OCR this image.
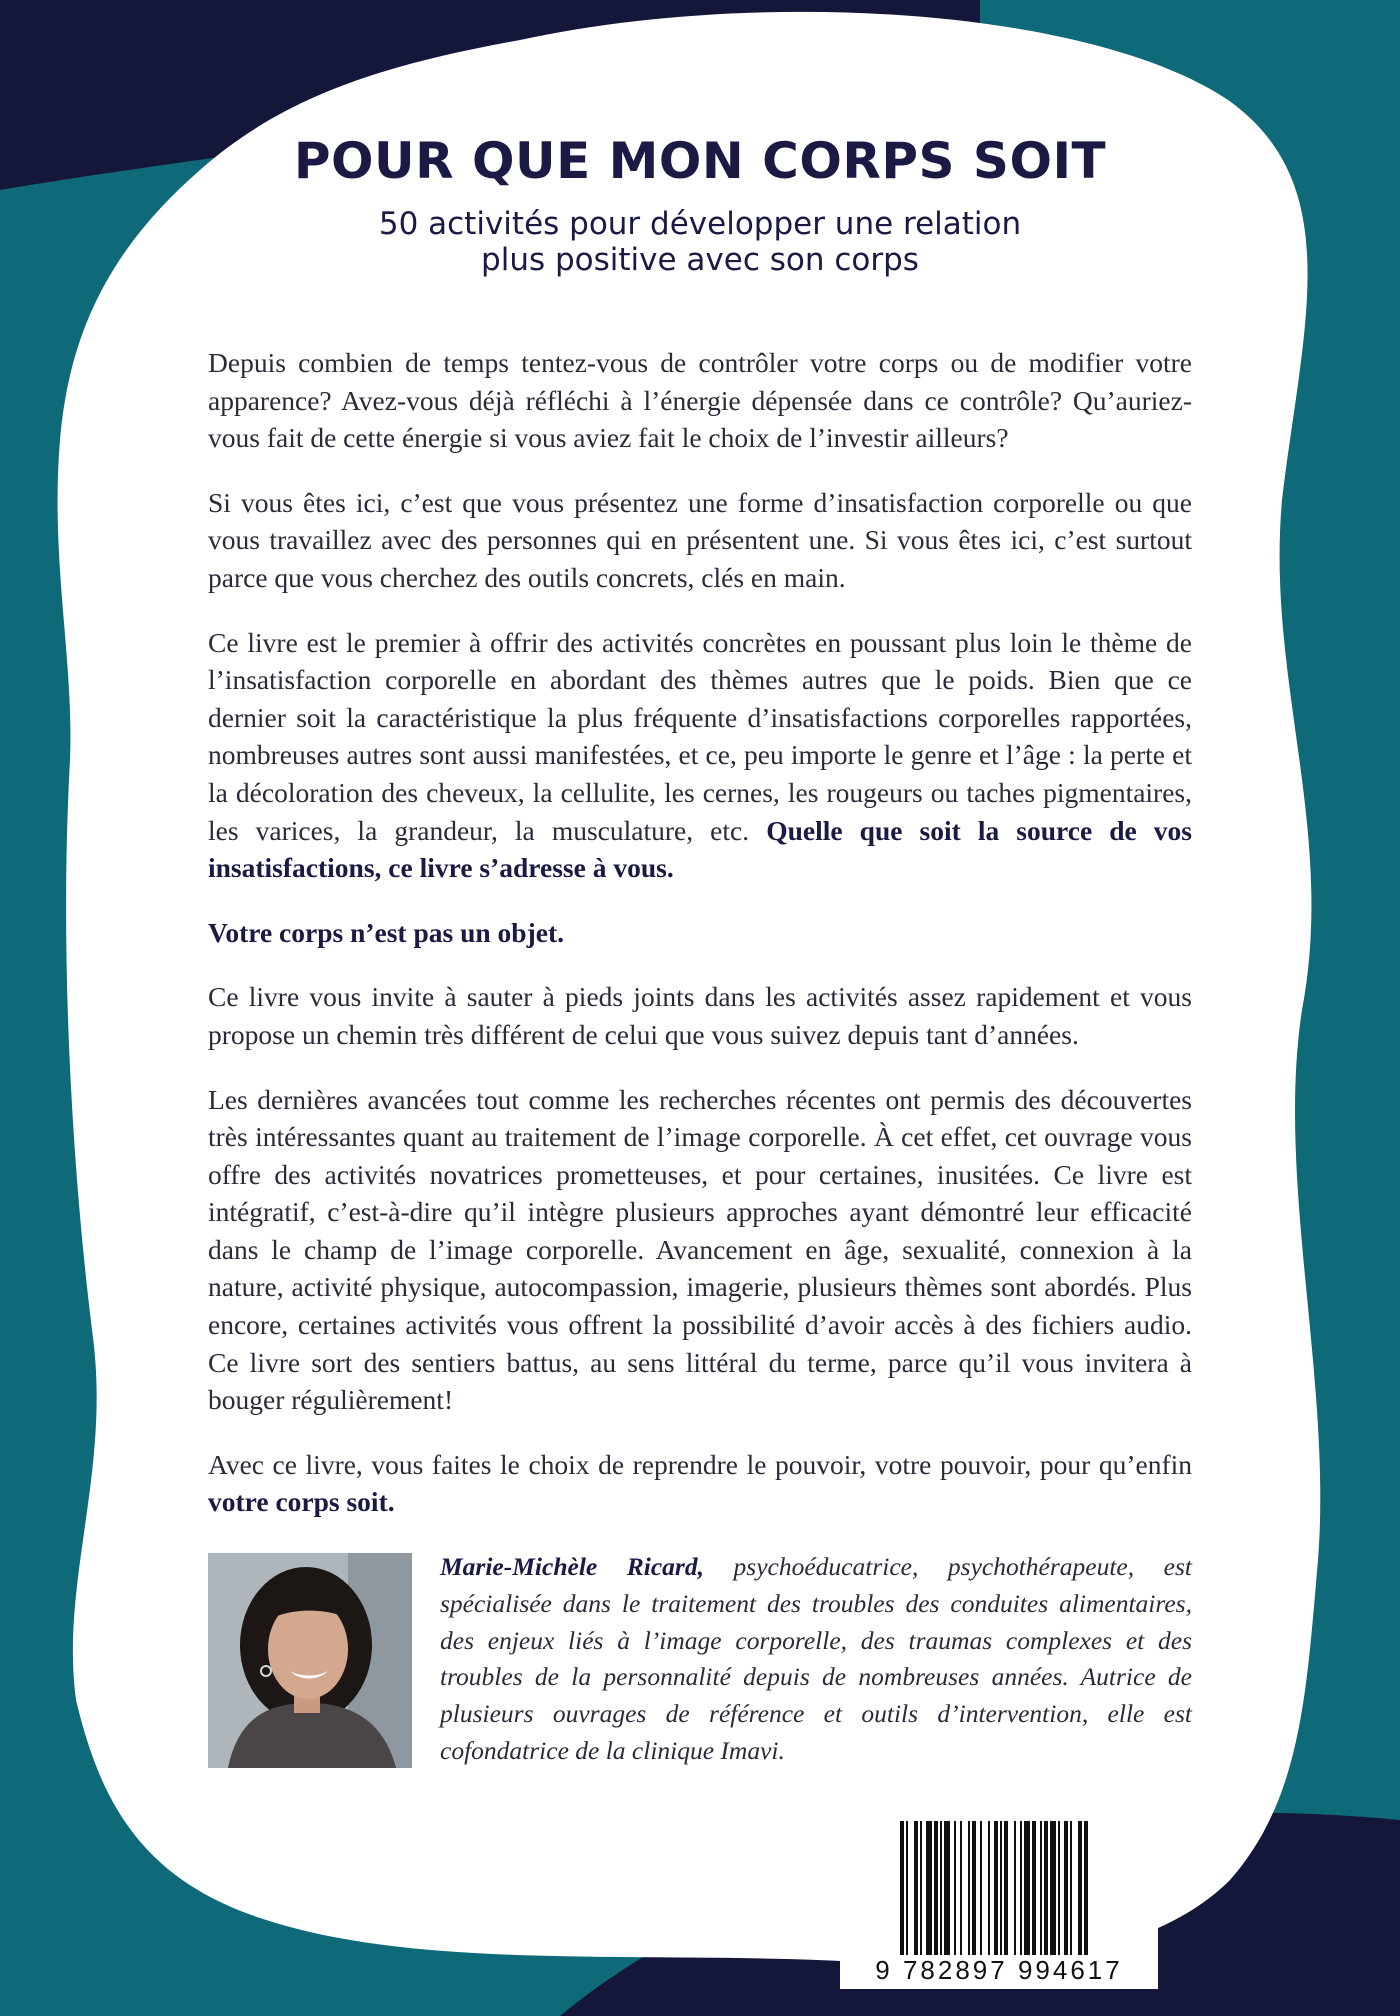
POUR QUE MON CORPS SOIT
50 activités pour développer une relation
plus positive avec son corps

Depuis combien de temps tentez-vous de contrôler votre corps ou de modifier votre apparence? Avez-vous déjà réfléchi à l’énergie dépensée dans ce contrôle? Qu’auriez-vous fait de cette énergie si vous aviez fait le choix de l’investir ailleurs?

Si vous êtes ici, c’est que vous présentez une forme d’insatisfaction corporelle ou que vous travaillez avec des personnes qui en présentent une. Si vous êtes ici, c’est surtout parce que vous cherchez des outils concrets, clés en main.

Ce livre est le premier à offrir des activités concrètes en poussant plus loin le thème de l’insatisfaction corporelle en abordant des thèmes autres que le poids. Bien que ce dernier soit la caractéristique la plus fréquente d’insatisfactions corporelles rapportées, nombreuses autres sont aussi manifestées, et ce, peu importe le genre et l’âge : la perte et la décoloration des cheveux, la cellulite, les cernes, les rougeurs ou taches pigmentaires, les varices, la grandeur, la musculature, etc. Quelle que soit la source de vos insatisfactions, ce livre s’adresse à vous.

Votre corps n’est pas un objet.

Ce livre vous invite à sauter à pieds joints dans les activités assez rapidement et vous propose un chemin très différent de celui que vous suivez depuis tant d’années.

Les dernières avancées tout comme les recherches récentes ont permis des découvertes très intéressantes quant au traitement de l’image corporelle. À cet effet, cet ouvrage vous offre des activités novatrices prometteuses, et pour certaines, inusitées. Ce livre est intégratif, c’est-à-dire qu’il intègre plusieurs approches ayant démontré leur efficacité dans le champ de l’image corporelle. Avancement en âge, sexualité, connexion à la nature, activité physique, autocompassion, imagerie, plusieurs thèmes sont abordés. Plus encore, certaines activités vous offrent la possibilité d’avoir accès à des fichiers audio. Ce livre sort des sentiers battus, au sens littéral du terme, parce qu’il vous invitera à bouger régulièrement!

Avec ce livre, vous faites le choix de reprendre le pouvoir, votre pouvoir, pour qu’enfin votre corps soit.

Marie-Michèle Ricard, psychoéducatrice, psychothérapeute, est spécialisée dans le traitement des troubles des conduites alimentaires, des enjeux liés à l’image corporelle, des traumas complexes et des troubles de la personnalité depuis de nombreuses années. Autrice de plusieurs ouvrages de référence et outils d’intervention, elle est cofondatrice de la clinique Imavi.
9 782897 994617
